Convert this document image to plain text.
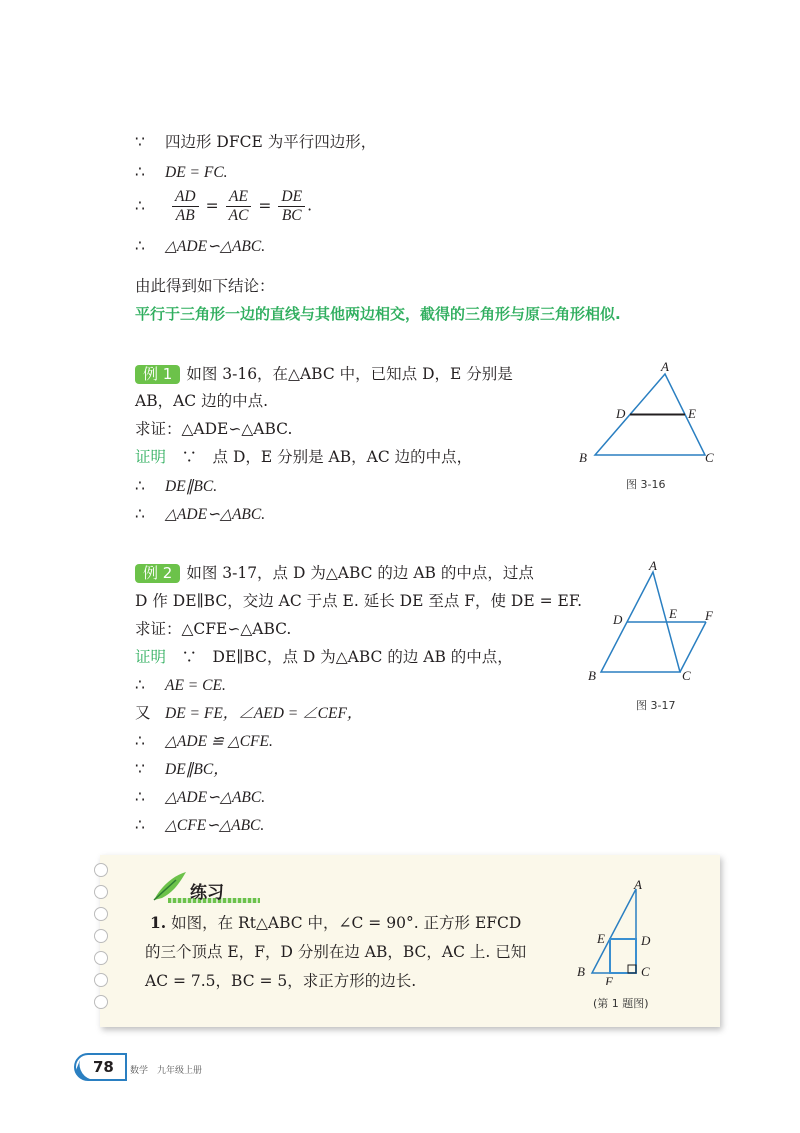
∵ 四边形 DFCE 为平行四边形，
∴ DE = FC.
∴ $\frac{AD}{AB} = \frac{AE}{AC} = \frac{DE}{BC}$ .
∴ △ADE∽△ABC.
由此得到如下结论：
平行于三角形一边的直线与其他两边相交，截得的三角形与原三角形相似.
例 1 如图 3-16，在△ABC 中，已知点 D，E 分别是
AB，AC 边的中点.
求证：△ADE∽△ABC.
证明　 ∵　点 D，E 分别是 AB，AC 边的中点，
∴ DE∥BC.
∴ △ADE∽△ABC.
A
D	E
B	C
图 3-16
例 2 如图 3-17，点 D 为△ABC 的边 AB 的中点，过点
D 作 DE∥BC，交边 AC 于点 E. 延长 DE 至点 F，使 DE = EF.
求证：△CFE∽△ABC.
证明　 ∵　DE∥BC，点 D 为△ABC 的边 AB 的中点，
∴ AE = CE.
又 DE = FE，∠AED = ∠CEF，
∴ △ADE ≌ △CFE.
∵ DE∥BC，
∴ △ADE∽△ABC.
∴ △CFE∽△ABC.
A
D	E F
B	C
图 3-17
练习
1. 如图，在 Rt△ABC 中，∠C = 90°. 正方形 EFCD
的三个顶点 E，F，D 分别在边 AB，BC，AC 上. 已知
AC = 7.5，BC = 5，求正方形的边长.
A
E	D
B	C
F
(第 1 题图)
78 数学　九年级上册
